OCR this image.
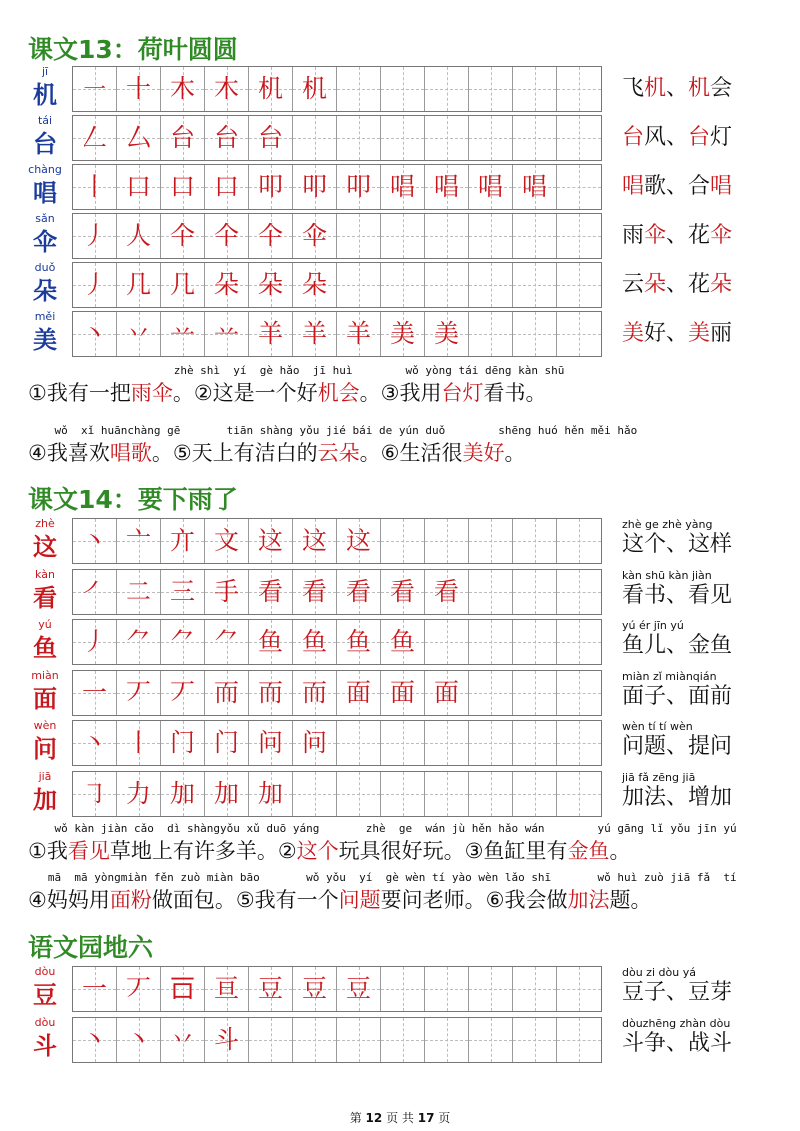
课文13：荷叶圆圆
jī
机 ㇐ 十 木 木 机 机	飞机、机会
tái
台 𠃋 厶 台 台 台	台风、台灯
chàng
唱 丨 口 口 口 叩 叩 叩 唱 唱 唱 唱	唱歌、合唱
sǎn
伞 丿 人 仐 仐 仐 伞	雨伞、花伞
duǒ
朵 丿 几 几 朵 朵 朵	云朵、花朵
měi
美 丶 丷 䒑 䒑 羊 羊 羊 美 美	美好、美丽
zhè shì  yí  gè hǎo  jī huì        wǒ yòng tái dēng kàn shū
①我有一把雨伞。②这是一个好机会。③我用台灯看书。
wǒ  xǐ huānchàng gē       tiān shàng yǒu jié bái de yún duǒ        shēng huó hěn měi hǎo
④我喜欢唱歌。⑤天上有洁白的云朵。⑥生活很美好。
课文14：要下雨了
zhè
这 丶 亠 亣 文 这 这 这
zhè ge zhè yàng
这个、这样
kàn
看 ㇒ 二 三 手 看 看 看 看 看
kàn shū kàn jiàn
看书、看见
yú
鱼 丿 ⺈ ⺈ ⺈ 鱼 鱼 鱼 鱼
yú ér jīn yú
鱼儿、金鱼
miàn
面 一 丆 丆 而 而 而 面 面 面
miàn zǐ miànqián
面子、面前
wèn
问 丶 丨 门 门 问 问
wèn tí tí wèn
问题、提问
jiā
加 ㇆ 力 加 加 加
jiā fǎ zēng jiā
加法、增加
wǒ kàn jiàn cǎo  dì shàngyǒu xǔ duō yáng       zhè  ge  wán jù hěn hǎo wán        yú gāng lǐ yǒu jīn yú
①我看见草地上有许多羊。②这个玩具很好玩。③鱼缸里有金鱼。
mā  mā yòngmiàn fěn zuò miàn bāo       wǒ yǒu  yí  gè wèn tí yào wèn lǎo shī       wǒ huì zuò jiā fǎ  tí
④妈妈用面粉做面包。⑤我有一个问题要问老师。⑥我会做加法题。
语文园地六
dòu
豆 一 丆 𠮛 亘 豆 豆 豆
dòu zi dòu yá
豆子、豆芽
dòu
斗 丶 丶 丷 斗
dòuzhēng zhàn dòu
斗争、战斗
第 12 页 共 17 页
